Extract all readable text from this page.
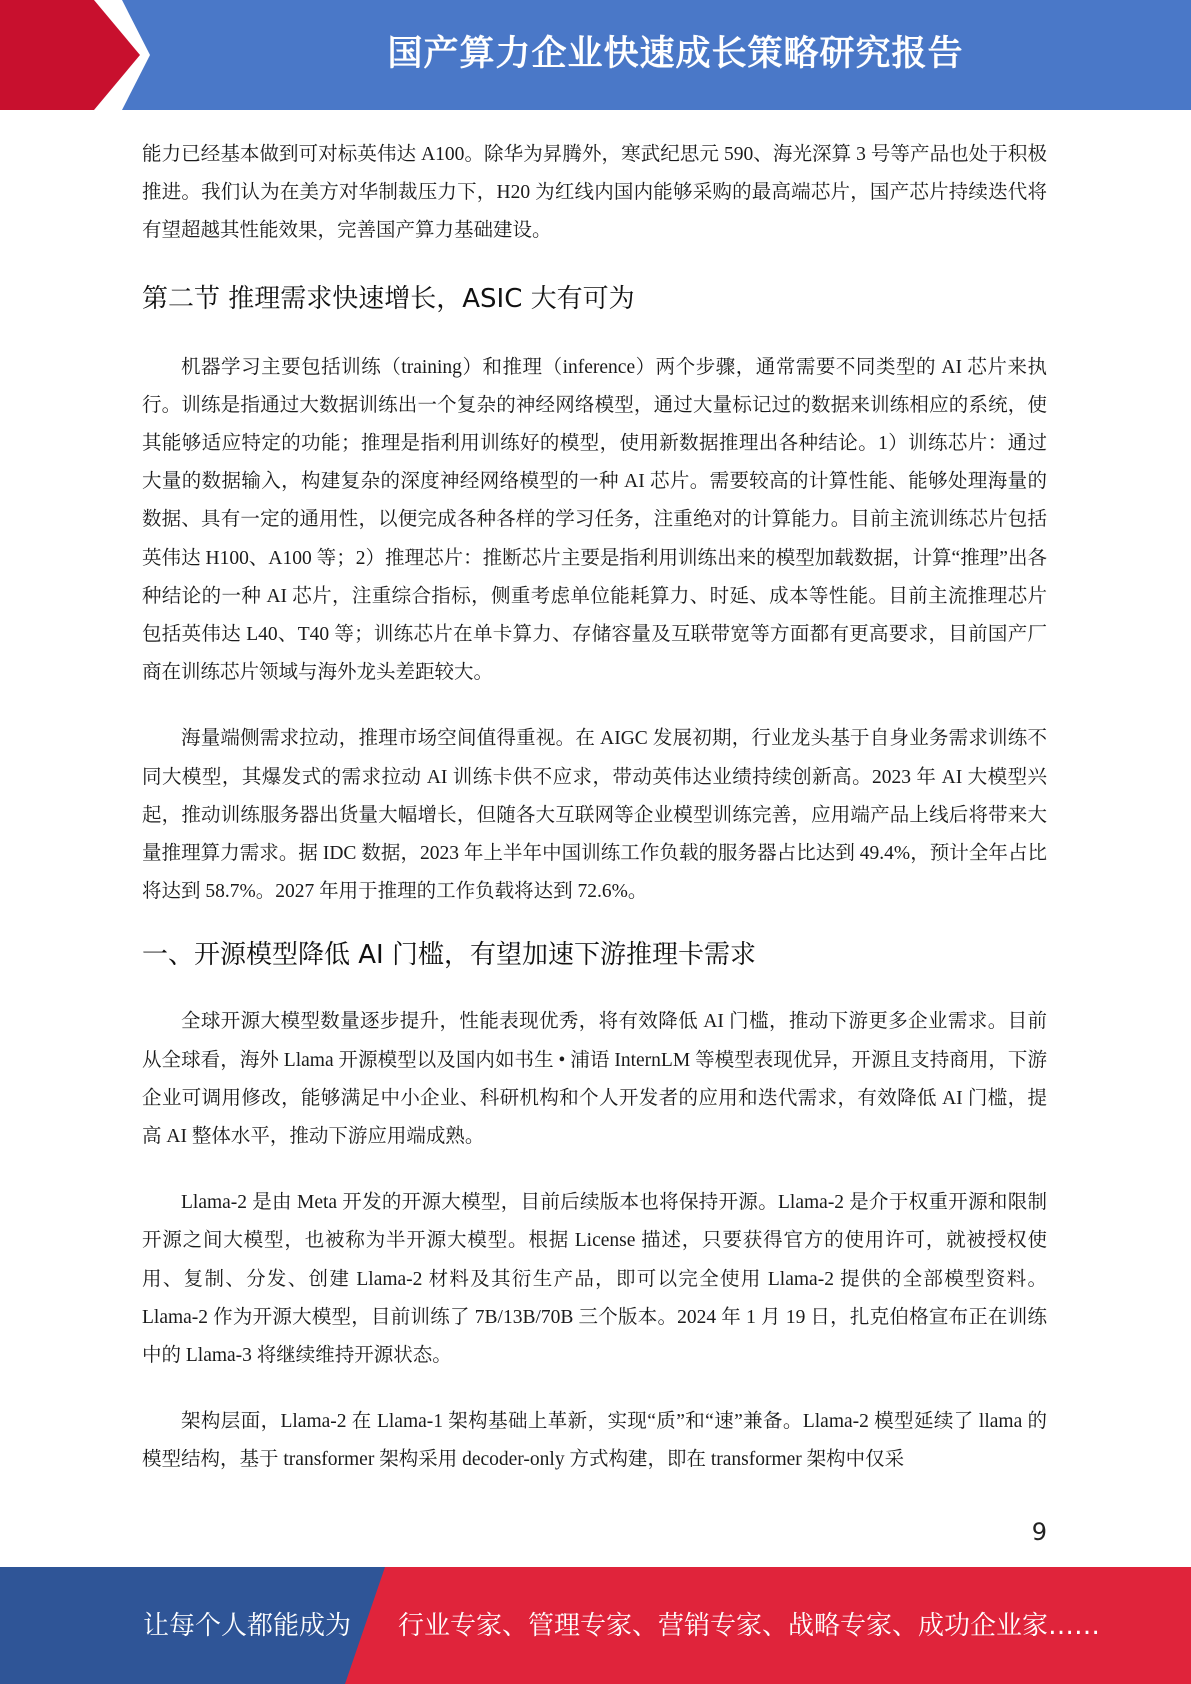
国产算力企业快速成长策略研究报告

能力已经基本做到可对标英伟达 A100。除华为昇腾外，寒武纪思元 590、海光深算 3 号等产品也处于积极推进。我们认为在美方对华制裁压力下，H20 为红线内国内能够采购的最高端芯片，国产芯片持续迭代将有望超越其性能效果，完善国产算力基础建设。

第二节 推理需求快速增长，ASIC 大有可为

机器学习主要包括训练（training）和推理（inference）两个步骤，通常需要不同类型的 AI 芯片来执行。训练是指通过大数据训练出一个复杂的神经网络模型，通过大量标记过的数据来训练相应的系统，使其能够适应特定的功能；推理是指利用训练好的模型，使用新数据推理出各种结论。1）训练芯片：通过大量的数据输入，构建复杂的深度神经网络模型的一种 AI 芯片。需要较高的计算性能、能够处理海量的数据、具有一定的通用性，以便完成各种各样的学习任务，注重绝对的计算能力。目前主流训练芯片包括英伟达 H100、A100 等；2）推理芯片：推断芯片主要是指利用训练出来的模型加载数据，计算“推理”出各种结论的一种 AI 芯片，注重综合指标，侧重考虑单位能耗算力、时延、成本等性能。目前主流推理芯片包括英伟达 L40、T40 等；训练芯片在单卡算力、存储容量及互联带宽等方面都有更高要求，目前国产厂商在训练芯片领域与海外龙头差距较大。

海量端侧需求拉动，推理市场空间值得重视。在 AIGC 发展初期，行业龙头基于自身业务需求训练不同大模型，其爆发式的需求拉动 AI 训练卡供不应求，带动英伟达业绩持续创新高。2023 年 AI 大模型兴起，推动训练服务器出货量大幅增长，但随各大互联网等企业模型训练完善，应用端产品上线后将带来大量推理算力需求。据 IDC 数据，2023 年上半年中国训练工作负载的服务器占比达到 49.4%，预计全年占比将达到 58.7%。2027 年用于推理的工作负载将达到 72.6%。

一、开源模型降低 AI 门槛，有望加速下游推理卡需求

全球开源大模型数量逐步提升，性能表现优秀，将有效降低 AI 门槛，推动下游更多企业需求。目前从全球看，海外 Llama 开源模型以及国内如书生 • 浦语 InternLM 等模型表现优异，开源且支持商用，下游企业可调用修改，能够满足中小企业、科研机构和个人开发者的应用和迭代需求，有效降低 AI 门槛，提高 AI 整体水平，推动下游应用端成熟。

Llama-2 是由 Meta 开发的开源大模型，目前后续版本也将保持开源。Llama-2 是介于权重开源和限制开源之间大模型，也被称为半开源大模型。根据 License 描述，只要获得官方的使用许可，就被授权使用、复制、分发、创建 Llama-2 材料及其衍生产品，即可以完全使用 Llama-2 提供的全部模型资料。Llama-2 作为开源大模型，目前训练了 7B/13B/70B 三个版本。2024 年 1 月 19 日，扎克伯格宣布正在训练中的 Llama-3 将继续维持开源状态。

架构层面，Llama-2 在 Llama-1 架构基础上革新，实现“质”和“速”兼备。Llama-2 模型延续了 llama 的模型结构，基于 transformer 架构采用 decoder-only 方式构建，即在 transformer 架构中仅采

9
让每个人都能成为 行业专家、管理专家、营销专家、战略专家、成功企业家……
